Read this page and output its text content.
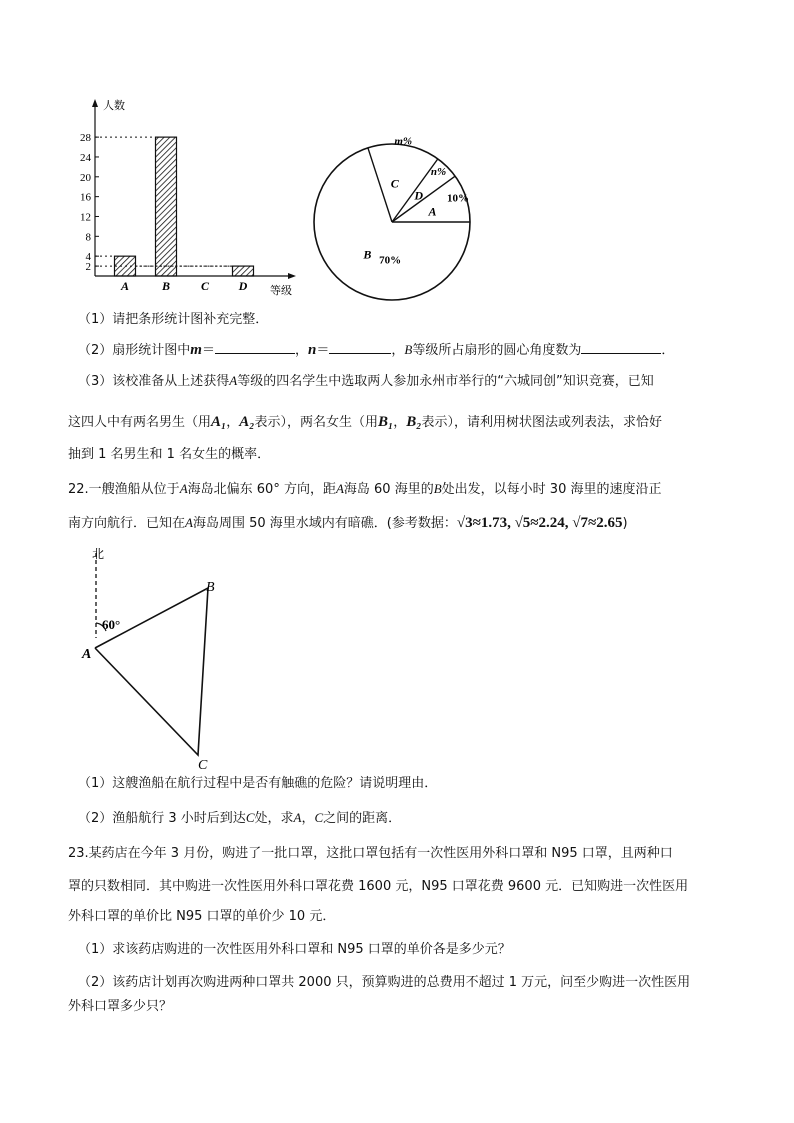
人数
等级
2
4
8
12
16
20
24
28
A	B	C D
A
10%
D
n%
C
m%
B 70%
（1）请把条形统计图补充完整．
（2）扇形统计图中m＝	，n＝	，B等级所占扇形的圆心角度数为	．
（3）该校准备从上述获得A等级的四名学生中选取两人参加永州市举行的“六城同创”知识竞赛，已知
这四人中有两名男生（用A₁，A₂表示），两名女生（用B₁，B₂表示），请利用树状图法或列表法，求恰好
抽到 1 名男生和 1 名女生的概率．
22.一艘渔船从位于A海岛北偏东 60° 方向，距A海岛 60 海里的B处出发，以每小时 30 海里的速度沿正
南方向航行．已知在A海岛周围 50 海里水域内有暗礁．(参考数据：√3≈1.73, √5≈2.24, √7≈2.65)
北
60°
A
B
C
（1）这艘渔船在航行过程中是否有触礁的危险？请说明理由．
（2）渔船航行 3 小时后到达C处，求A，C之间的距离．
23.某药店在今年 3 月份，购进了一批口罩，这批口罩包括有一次性医用外科口罩和 N95 口罩，且两种口
罩的只数相同．其中购进一次性医用外科口罩花费 1600 元，N95 口罩花费 9600 元．已知购进一次性医用
外科口罩的单价比 N95 口罩的单价少 10 元．
（1）求该药店购进的一次性医用外科口罩和 N95 口罩的单价各是多少元？
（2）该药店计划再次购进两种口罩共 2000 只，预算购进的总费用不超过 1 万元，问至少购进一次性医用
外科口罩多少只？
